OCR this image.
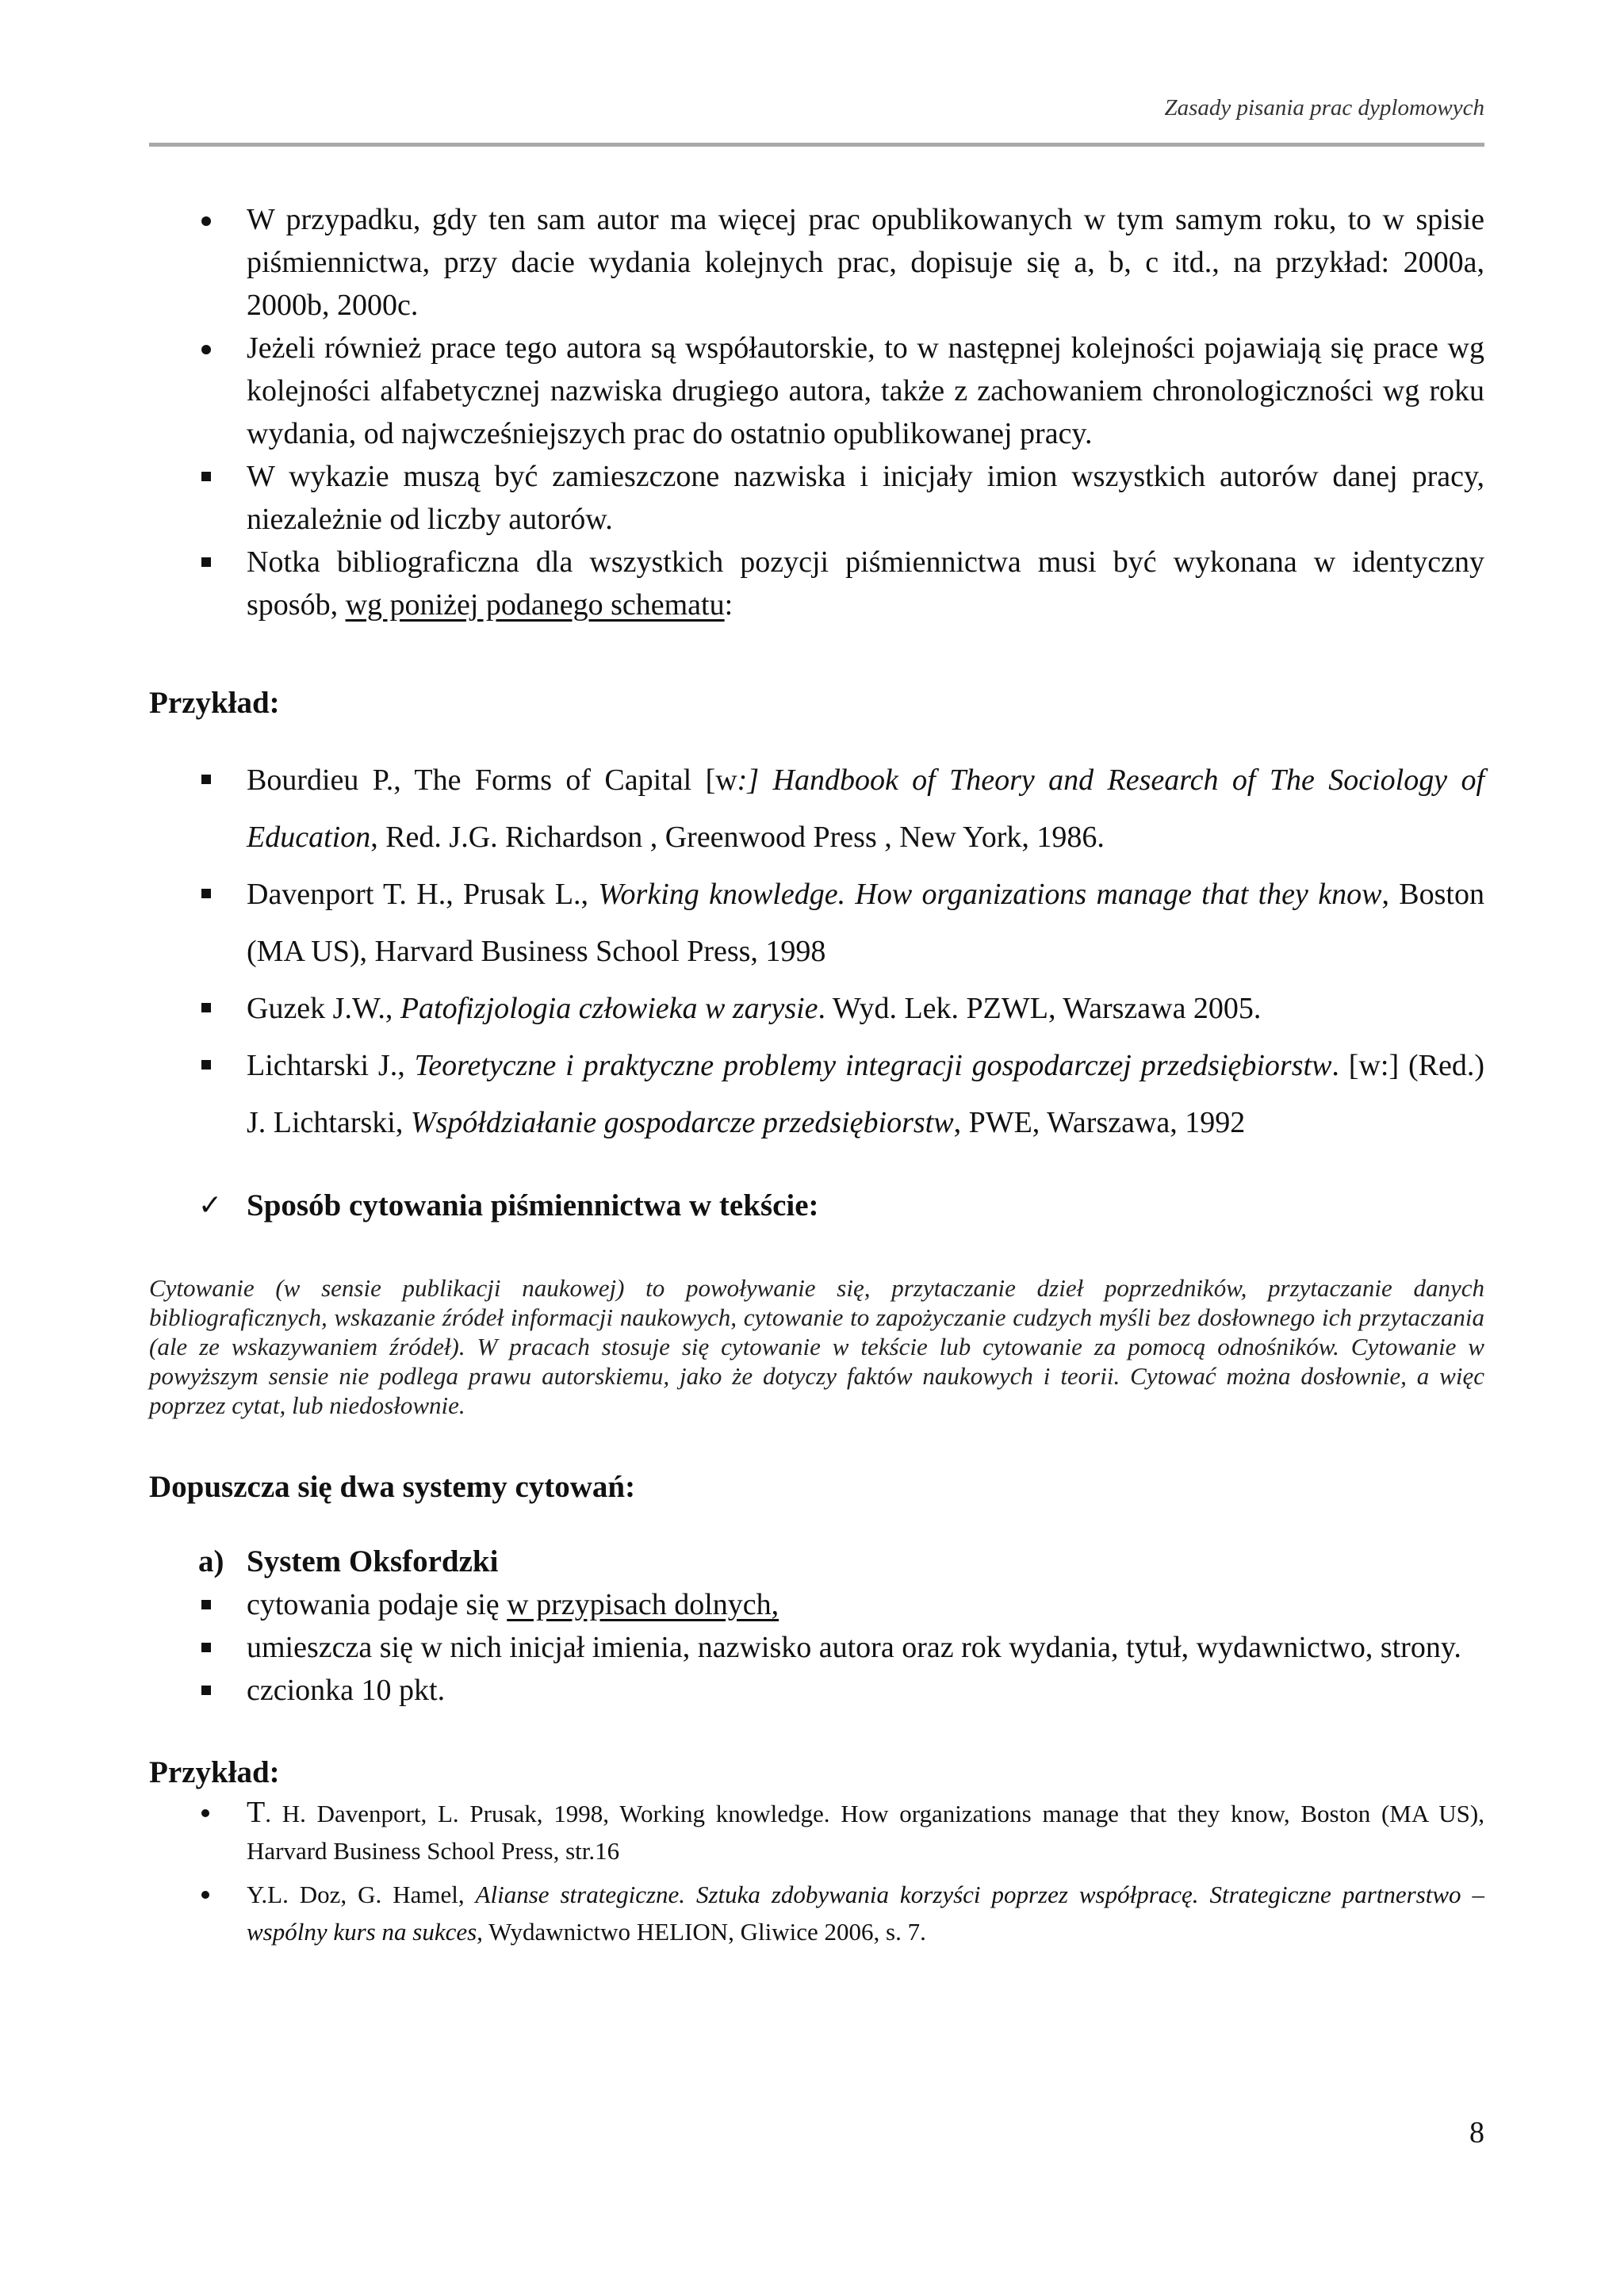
Zasady pisania prac dyplomowych
W przypadku, gdy ten sam autor ma więcej prac opublikowanych w tym samym roku, to w spisie piśmiennictwa, przy dacie wydania kolejnych prac, dopisuje się a, b, c itd., na przykład: 2000a, 2000b, 2000c.
Jeżeli również prace tego autora są współautorskie, to w następnej kolejności pojawiają się prace wg kolejności alfabetycznej nazwiska drugiego autora, także z zachowaniem chronologiczności wg roku wydania, od najwcześniejszych prac do ostatnio opublikowanej pracy.
W wykazie muszą być zamieszczone nazwiska i inicjały imion wszystkich autorów danej pracy, niezależnie od liczby autorów.
Notka bibliograficzna dla wszystkich pozycji piśmiennictwa musi być wykonana w identyczny sposób, wg poniżej podanego schematu:
Przykład:
Bourdieu P., The Forms of Capital [w:] Handbook of Theory and Research of The Sociology of Education, Red. J.G. Richardson , Greenwood Press , New York, 1986.
Davenport T. H., Prusak L., Working knowledge. How organizations manage that they know, Boston (MA US), Harvard Business School Press, 1998
Guzek J.W., Patofizjologia człowieka w zarysie. Wyd. Lek. PZWL, Warszawa 2005.
Lichtarski J., Teoretyczne i praktyczne problemy integracji gospodarczej przedsiębiorstw. [w:] (Red.) J. Lichtarski, Współdziałanie gospodarcze przedsiębiorstw, PWE, Warszawa, 1992
✓ Sposób cytowania piśmiennictwa w tekście:
Cytowanie (w sensie publikacji naukowej) to powoływanie się, przytaczanie dzieł poprzedników, przytaczanie danych bibliograficznych, wskazanie źródeł informacji naukowych, cytowanie to zapożyczanie cudzych myśli bez dosłownego ich przytaczania (ale ze wskazywaniem źródeł). W pracach stosuje się cytowanie w tekście lub cytowanie za pomocą odnośników. Cytowanie w powyższym sensie nie podlega prawu autorskiemu, jako że dotyczy faktów naukowych i teorii. Cytować można dosłownie, a więc poprzez cytat, lub niedosłownie.
Dopuszcza się dwa systemy cytowań:
a) System Oksfordzki
cytowania podaje się w przypisach dolnych,
umieszcza się w nich inicjał imienia, nazwisko autora oraz rok wydania, tytuł, wydawnictwo, strony.
czcionka 10 pkt.
Przykład:
T. H. Davenport, L. Prusak, 1998, Working knowledge. How organizations manage that they know, Boston (MA US), Harvard Business School Press, str.16
Y.L. Doz, G. Hamel, Alianse strategiczne. Sztuka zdobywania korzyści poprzez współpracę. Strategiczne partnerstwo – wspólny kurs na sukces, Wydawnictwo HELION, Gliwice 2006, s. 7.
8
